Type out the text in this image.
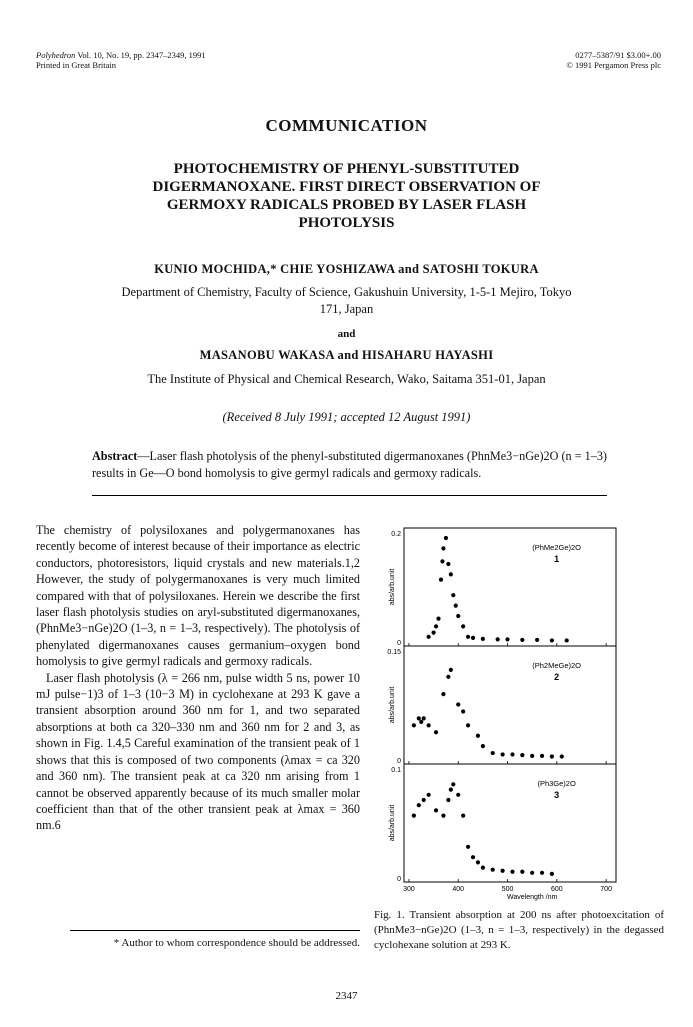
Polyhedron Vol. 10, No. 19, pp. 2347–2349, 1991
Printed in Great Britain
0277–5387/91 $3.00+.00
© 1991 Pergamon Press plc
COMMUNICATION
PHOTOCHEMISTRY OF PHENYL-SUBSTITUTED
DIGERMANOXANE. FIRST DIRECT OBSERVATION OF
GERMOXY RADICALS PROBED BY LASER FLASH
PHOTOLYSIS
KUNIO MOCHIDA,* CHIE YOSHIZAWA and SATOSHI TOKURA
Department of Chemistry, Faculty of Science, Gakushuin University, 1-5-1 Mejiro, Tokyo 171, Japan
and
MASANOBU WAKASA and HISAHARU HAYASHI
The Institute of Physical and Chemical Research, Wako, Saitama 351-01, Japan
(Received 8 July 1991; accepted 12 August 1991)
Abstract—Laser flash photolysis of the phenyl-substituted digermanoxanes (PhnMe3−nGe)2O (n = 1–3) results in Ge—O bond homolysis to give germyl radicals and germoxy radicals.

The chemistry of polysiloxanes and polygermanoxanes has recently become of interest because of their importance as electric conductors, photoresistors, liquid crystals and new materials.1,2 However, the study of polygermanoxanes is very much limited compared with that of polysiloxanes. Herein we describe the first laser flash photolysis studies on aryl-substituted digermanoxanes, (PhnMe3−nGe)2O (1–3, n = 1–3, respectively). The photolysis of phenylated digermanoxanes causes germanium–oxygen bond homolysis to give germyl radicals and germoxy radicals.

Laser flash photolysis (λ = 266 nm, pulse width 5 ns, power 10 mJ pulse−1)3 of 1–3 (10−3 M) in cyclohexane at 293 K gave a transient absorption around 360 nm for 1, and two separated absorptions at both ca 320–330 nm and 360 nm for 2 and 3, as shown in Fig. 1.4,5 Careful examination of the transient peak of 1 shows that this is composed of two components (λmax = ca 320 and 360 nm). The transient peak at ca 320 nm arising from 1 cannot be observed apparently because of its much smaller molar coefficient than that of the other transient peak at λmax = 360 nm.6

* Author to whom correspondence should be addressed.
0.2
0
abs/arb.unit
(PhMe2Ge)2O
1
0.15
0
abs/arb.unit
(Ph2MeGe)2O
2
0.1
0
abs/arb.unit
(Ph3Ge)2O
3
300	400	500	600	700
Wavelength /nm
Fig. 1. Transient absorption at 200 ns after photoexcitation of (PhnMe3−nGe)2O (1–3, n = 1–3, respectively) in the degassed cyclohexane solution at 293 K.
2347
